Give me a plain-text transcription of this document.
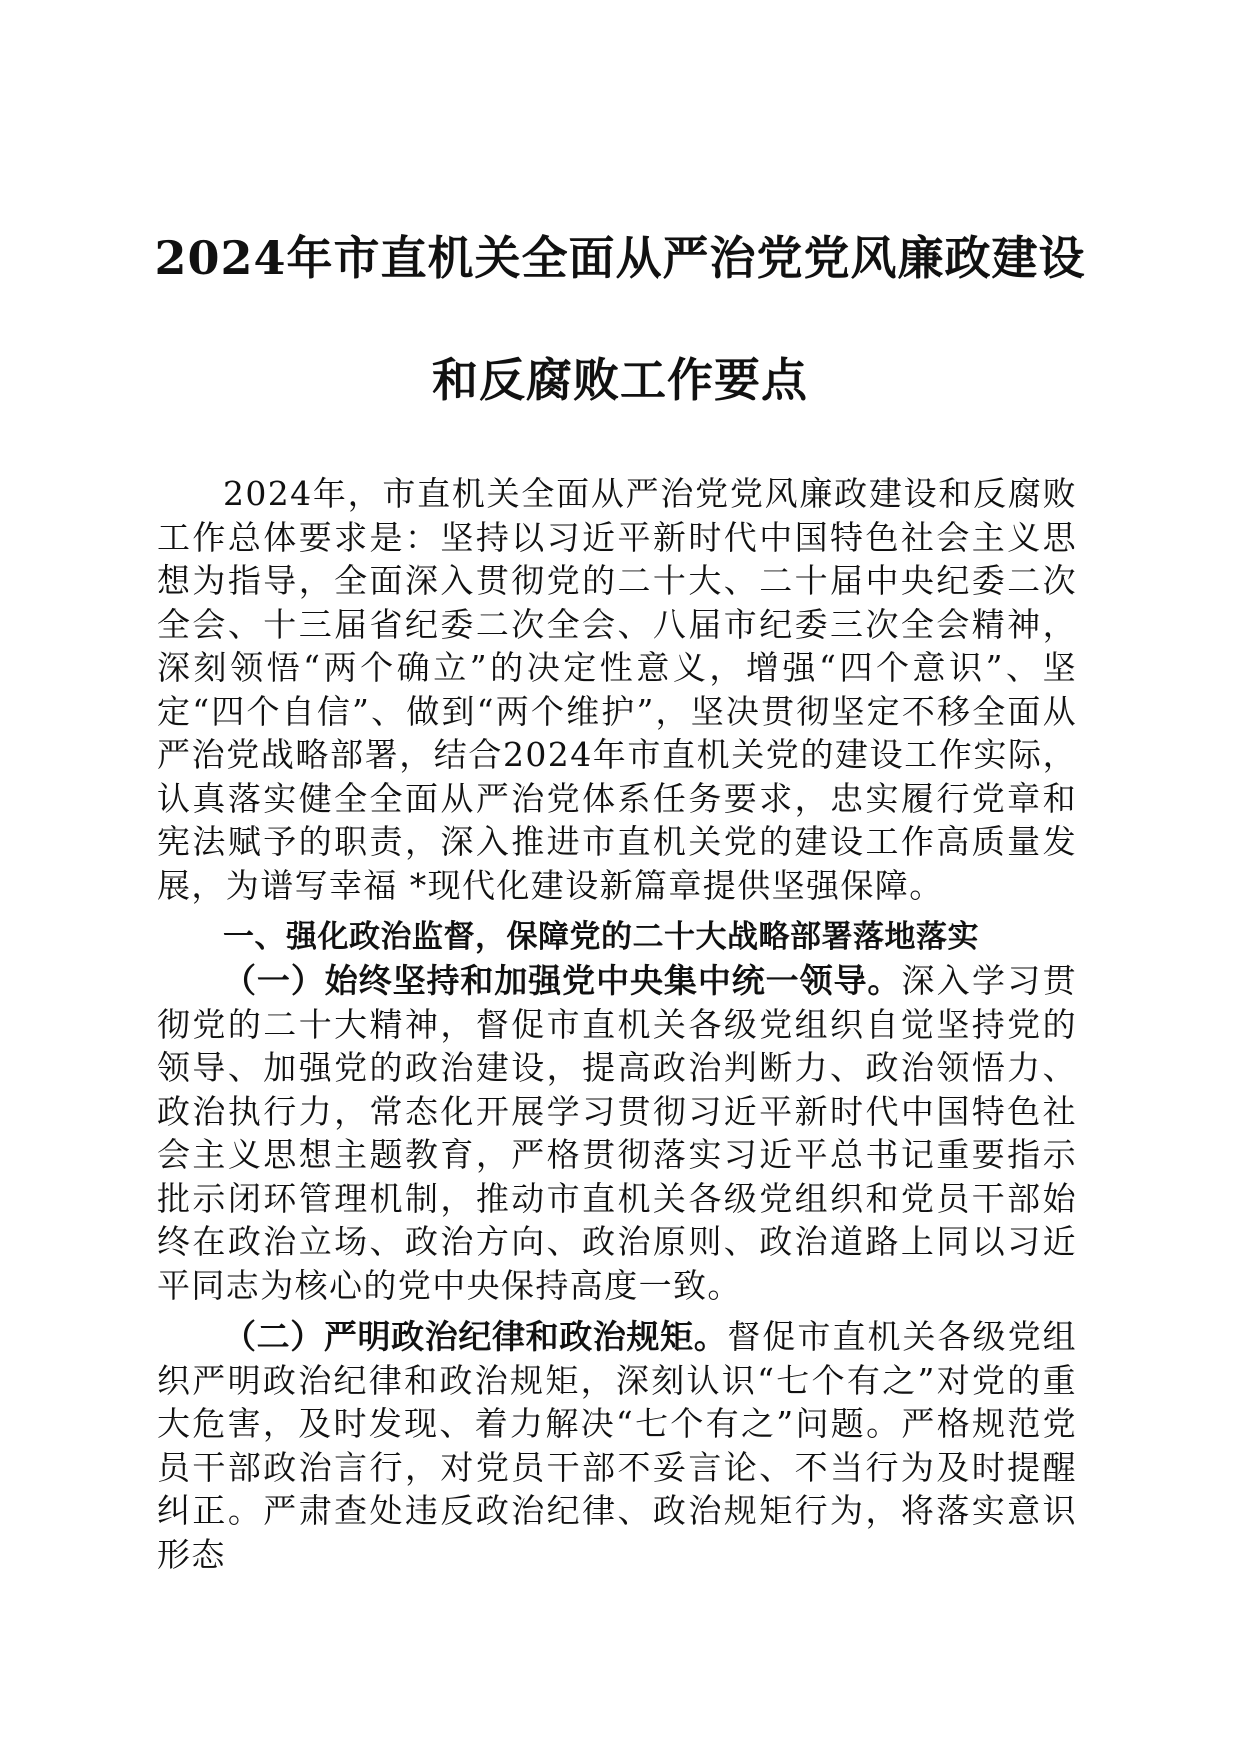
2024年市直机关全面从严治党党风廉政建设
和反腐败工作要点

2024年，市直机关全面从严治党党风廉政建设和反腐败工作总体要求是：坚持以习近平新时代中国特色社会主义思想为指导，全面深入贯彻党的二十大、二十届中央纪委二次全会、十三届省纪委二次全会、八届市纪委三次全会精神，深刻领悟“两个确立”的决定性意义，增强“四个意识”、坚定“四个自信”、做到“两个维护”，坚决贯彻坚定不移全面从严治党战略部署，结合2024年市直机关党的建设工作实际，认真落实健全全面从严治党体系任务要求，忠实履行党章和宪法赋予的职责，深入推进市直机关党的建设工作高质量发展，为谱写幸福 *现代化建设新篇章提供坚强保障。

一、强化政治监督，保障党的二十大战略部署落地落实

（一）始终坚持和加强党中央集中统一领导。深入学习贯彻党的二十大精神，督促市直机关各级党组织自觉坚持党的领导、加强党的政治建设，提高政治判断力、政治领悟力、政治执行力，常态化开展学习贯彻习近平新时代中国特色社会主义思想主题教育，严格贯彻落实习近平总书记重要指示批示闭环管理机制，推动市直机关各级党组织和党员干部始终在政治立场、政治方向、政治原则、政治道路上同以习近平同志为核心的党中央保持高度一致。

（二）严明政治纪律和政治规矩。督促市直机关各级党组织严明政治纪律和政治规矩，深刻认识“七个有之”对党的重大危害，及时发现、着力解决“七个有之”问题。严格规范党员干部政治言行，对党员干部不妥言论、不当行为及时提醒纠正。严肃查处违反政治纪律、政治规矩行为，将落实意识形态
